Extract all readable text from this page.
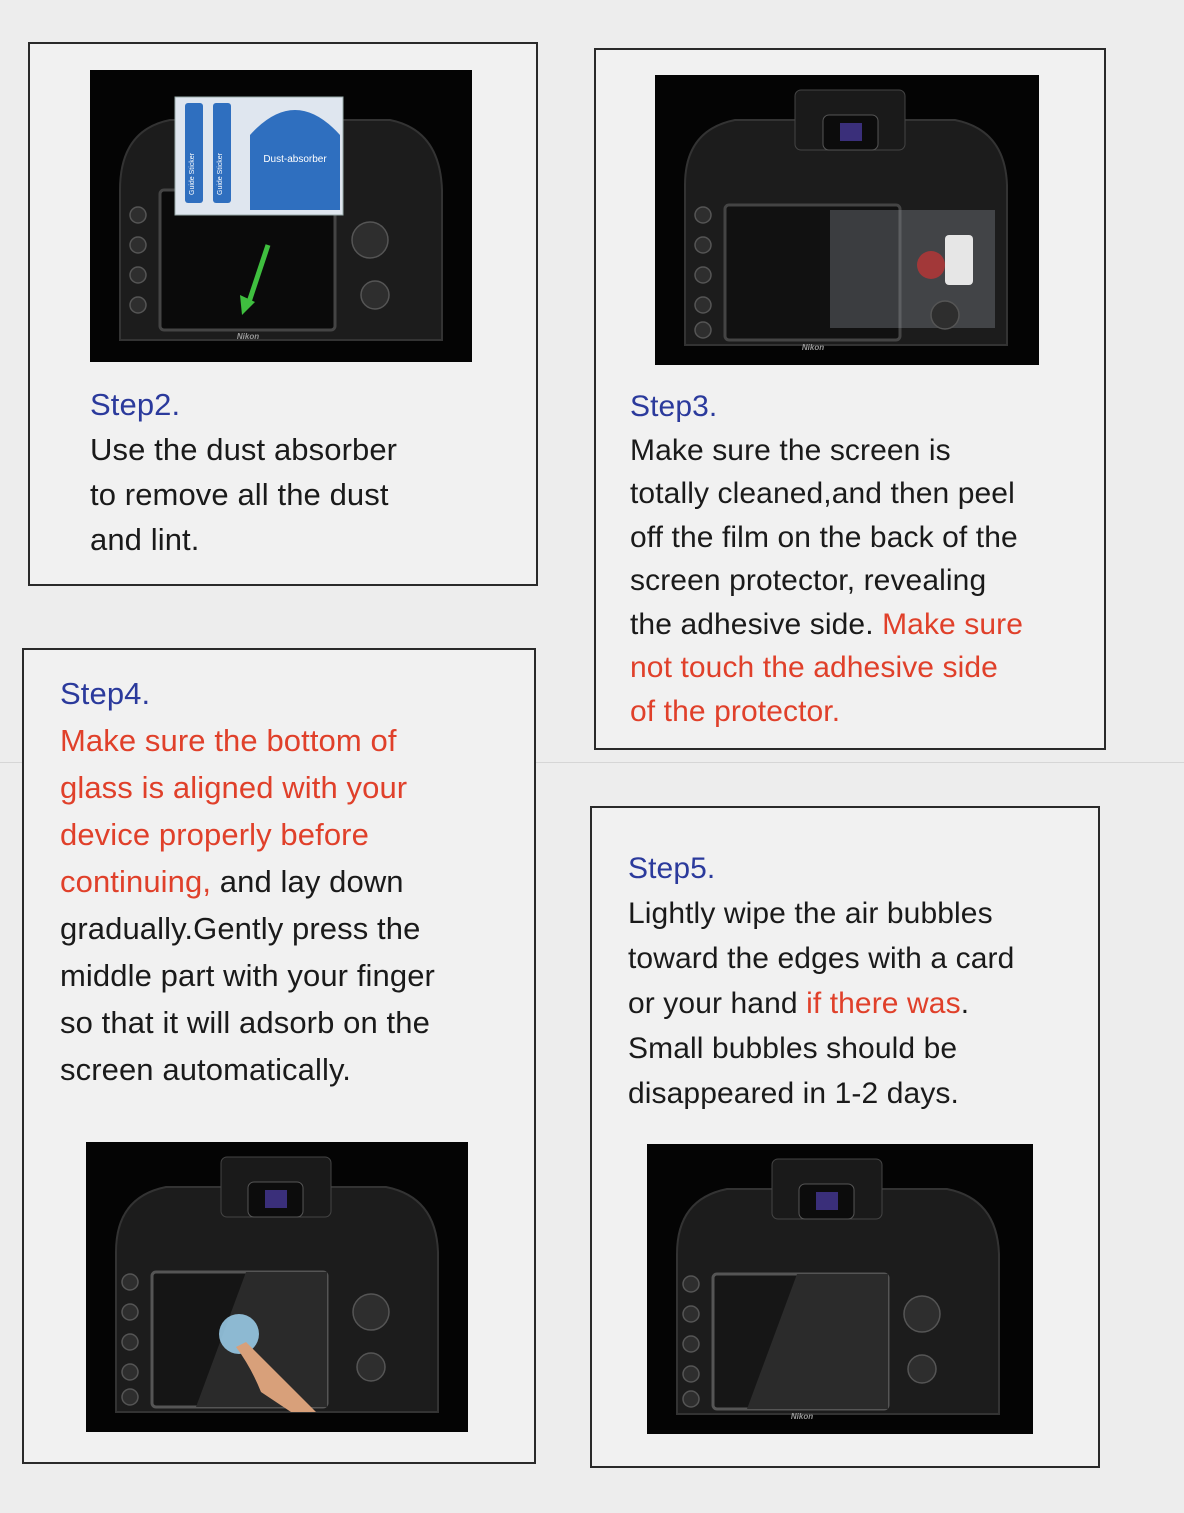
Dust-absorber
Guide Sticker	Guide Sticker
Nikon

Step2.

Use the dust absorber

to remove all the dust

and lint.

Nikon

Step3.

Make sure the screen is

totally cleaned,and then peel

off the film on the back of the

screen protector, revealing

the adhesive side. Make sure

not touch the adhesive side

of the protector.

Step4.

Make sure the bottom of

glass is aligned with your

device properly before

continuing, and lay down

gradually.Gently press the

middle part with your finger

so that it will adsorb on the

screen automatically.

Step5.

Lightly wipe the air bubbles

toward the edges with a card

or your hand if there was.

Small bubbles should be

disappeared in 1-2 days.

Nikon
